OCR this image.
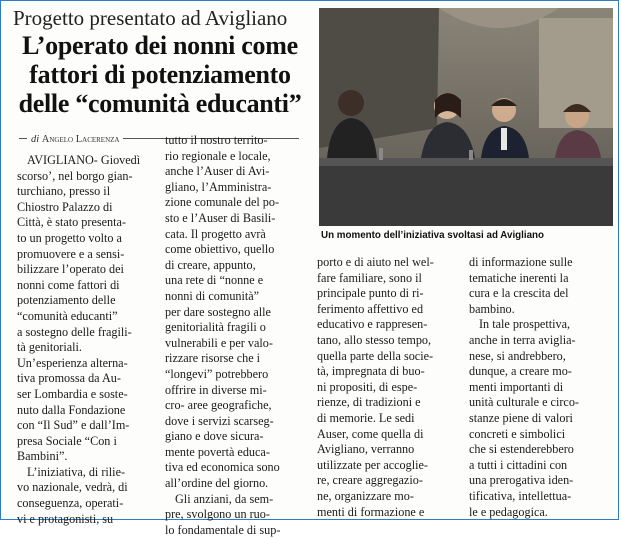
Progetto presentato ad Avigliano
L’operato dei nonni come
fattori di potenziamento
delle “comunità educanti”
di Angelo Lacerenza
AVIGLIANO- Giovedì
scorso’, nel borgo gian-
turchiano, presso il
Chiostro Palazzo di
Città, è stato presenta-
to un progetto volto a
promuovere e a sensi-
bilizzare l’operato dei
nonni come fattori di
potenziamento delle
“comunità educanti”
a sostegno delle fragili-
tà genitoriali.
Un’esperienza alterna-
tiva promossa da Au-
ser Lombardia e soste-
nuto dalla Fondazione
con “Il Sud” e dall’Im-
presa Sociale “Con i
Bambini”.
L’iniziativa, di rilie-
vo nazionale, vedrà, di
conseguenza, operati-
vi e protagonisti, su
tutto il nostro territo-
rio regionale e locale,
anche l’Auser di Avi-
gliano, l’Amministra-
zione comunale del po-
sto e l’Auser di Basili-
cata. Il progetto avrà
come obiettivo, quello
di creare, appunto,
una rete di “nonne e
nonni di comunità”
per dare sostegno alle
genitorialità fragili o
vulnerabili e per valo-
rizzare risorse che i
“longevi” potrebbero
offrire in diverse mi-
cro- aree geografiche,
dove i servizi scarseg-
giano e dove sicura-
mente povertà educa-
tiva ed economica sono
all’ordine del giorno.
Gli anziani, da sem-
pre, svolgono un ruo-
lo fondamentale di sup-
Un momento dell’iniziativa svoltasi ad Avigliano
porto e di aiuto nel wel-
fare familiare, sono il
principale punto di ri-
ferimento affettivo ed
educativo e rappresen-
tano, allo stesso tempo,
quella parte della socie-
tà, impregnata di buo-
ni propositi, di espe-
rienze, di tradizioni e
di memorie. Le sedi
Auser, come quella di
Avigliano, verranno
utilizzate per accoglie-
re, creare aggregazio-
ne, organizzare mo-
menti di formazione e
di informazione sulle
tematiche inerenti la
cura e la crescita del
bambino.
In tale prospettiva,
anche in terra avigliа-
nese, si andrebbero,
dunque, a creare mo-
menti importanti di
unità culturale e circo-
stanze piene di valori
concreti e simbolici
che si estenderebbero
a tutti i cittadini con
una prerogativa iden-
tificativa, intellettua-
le e pedagogica.
